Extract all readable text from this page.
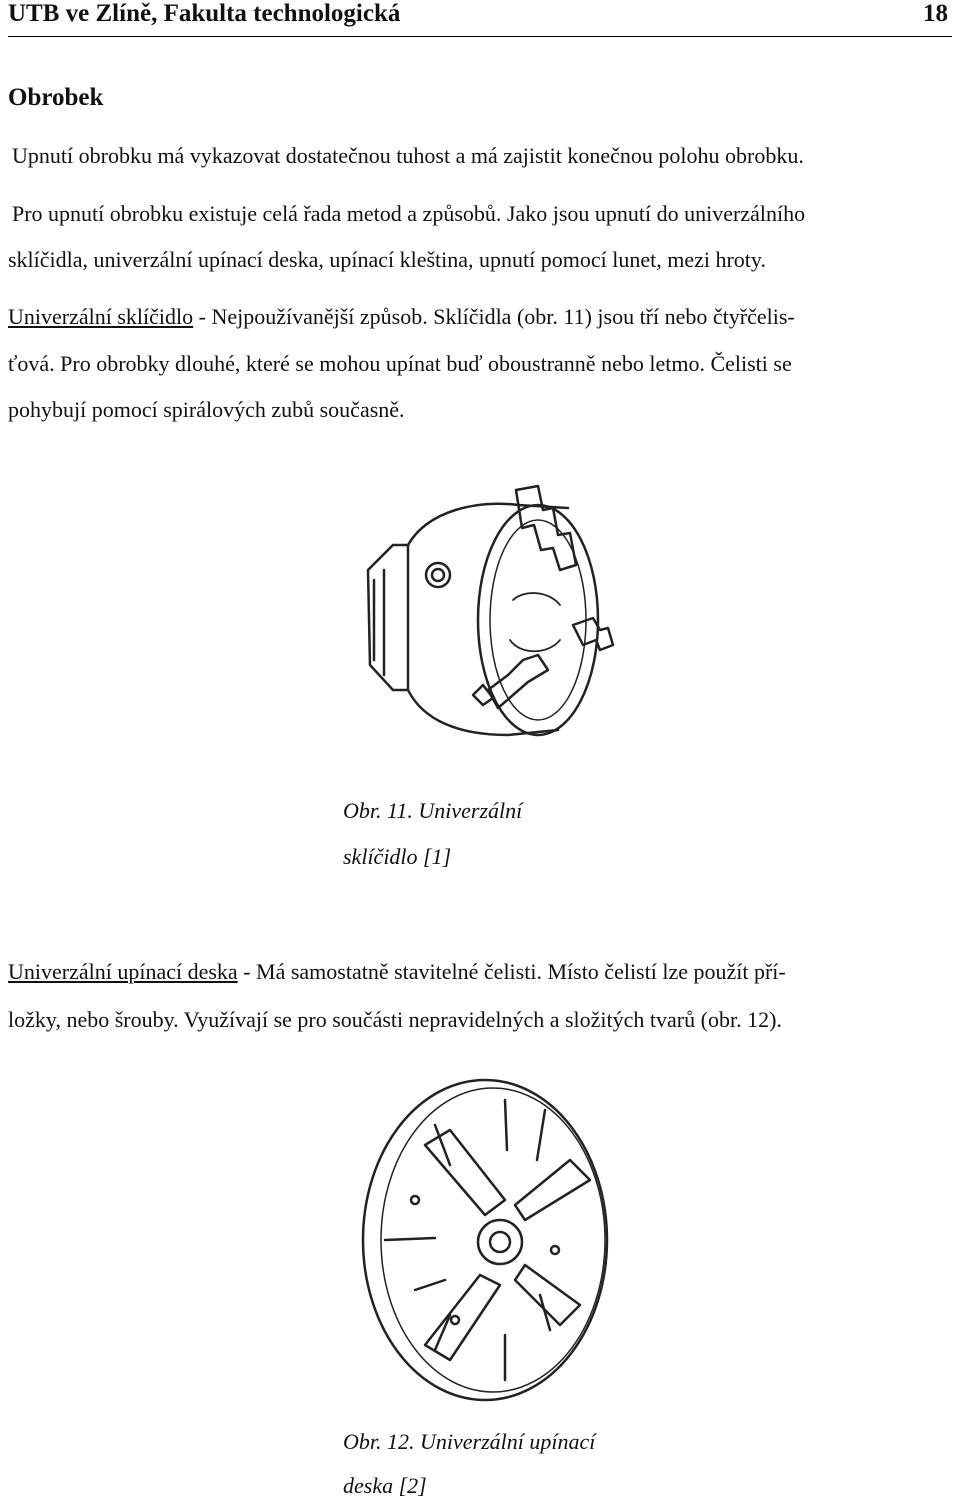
UTB ve Zlíně, Fakulta technologická	18
Obrobek
Upnutí obrobku má vykazovat dostatečnou tuhost a má zajistit konečnou polohu obrobku.
Pro upnutí obrobku existuje celá řada metod a způsobů. Jako jsou upnutí do univerzálního
sklíčidla, univerzální upínací deska, upínací kleština, upnutí pomocí lunet, mezi hroty.
Univerzální sklíčidlo - Nejpoužívanější způsob. Sklíčidla (obr. 11) jsou tří nebo čtyřčelis-
ťová. Pro obrobky dlouhé, které se mohou upínat buď oboustranně nebo letmo. Čelisti se
pohybují pomocí spirálových zubů současně.
Obr. 11. Univerzální
sklíčidlo [1]
Univerzální upínací deska - Má samostatně stavitelné čelisti. Místo čelistí lze použít pří-
ložky, nebo šrouby. Využívají se pro součásti nepravidelných a složitých tvarů (obr. 12).
Obr. 12. Univerzální upínací
deska [2]
